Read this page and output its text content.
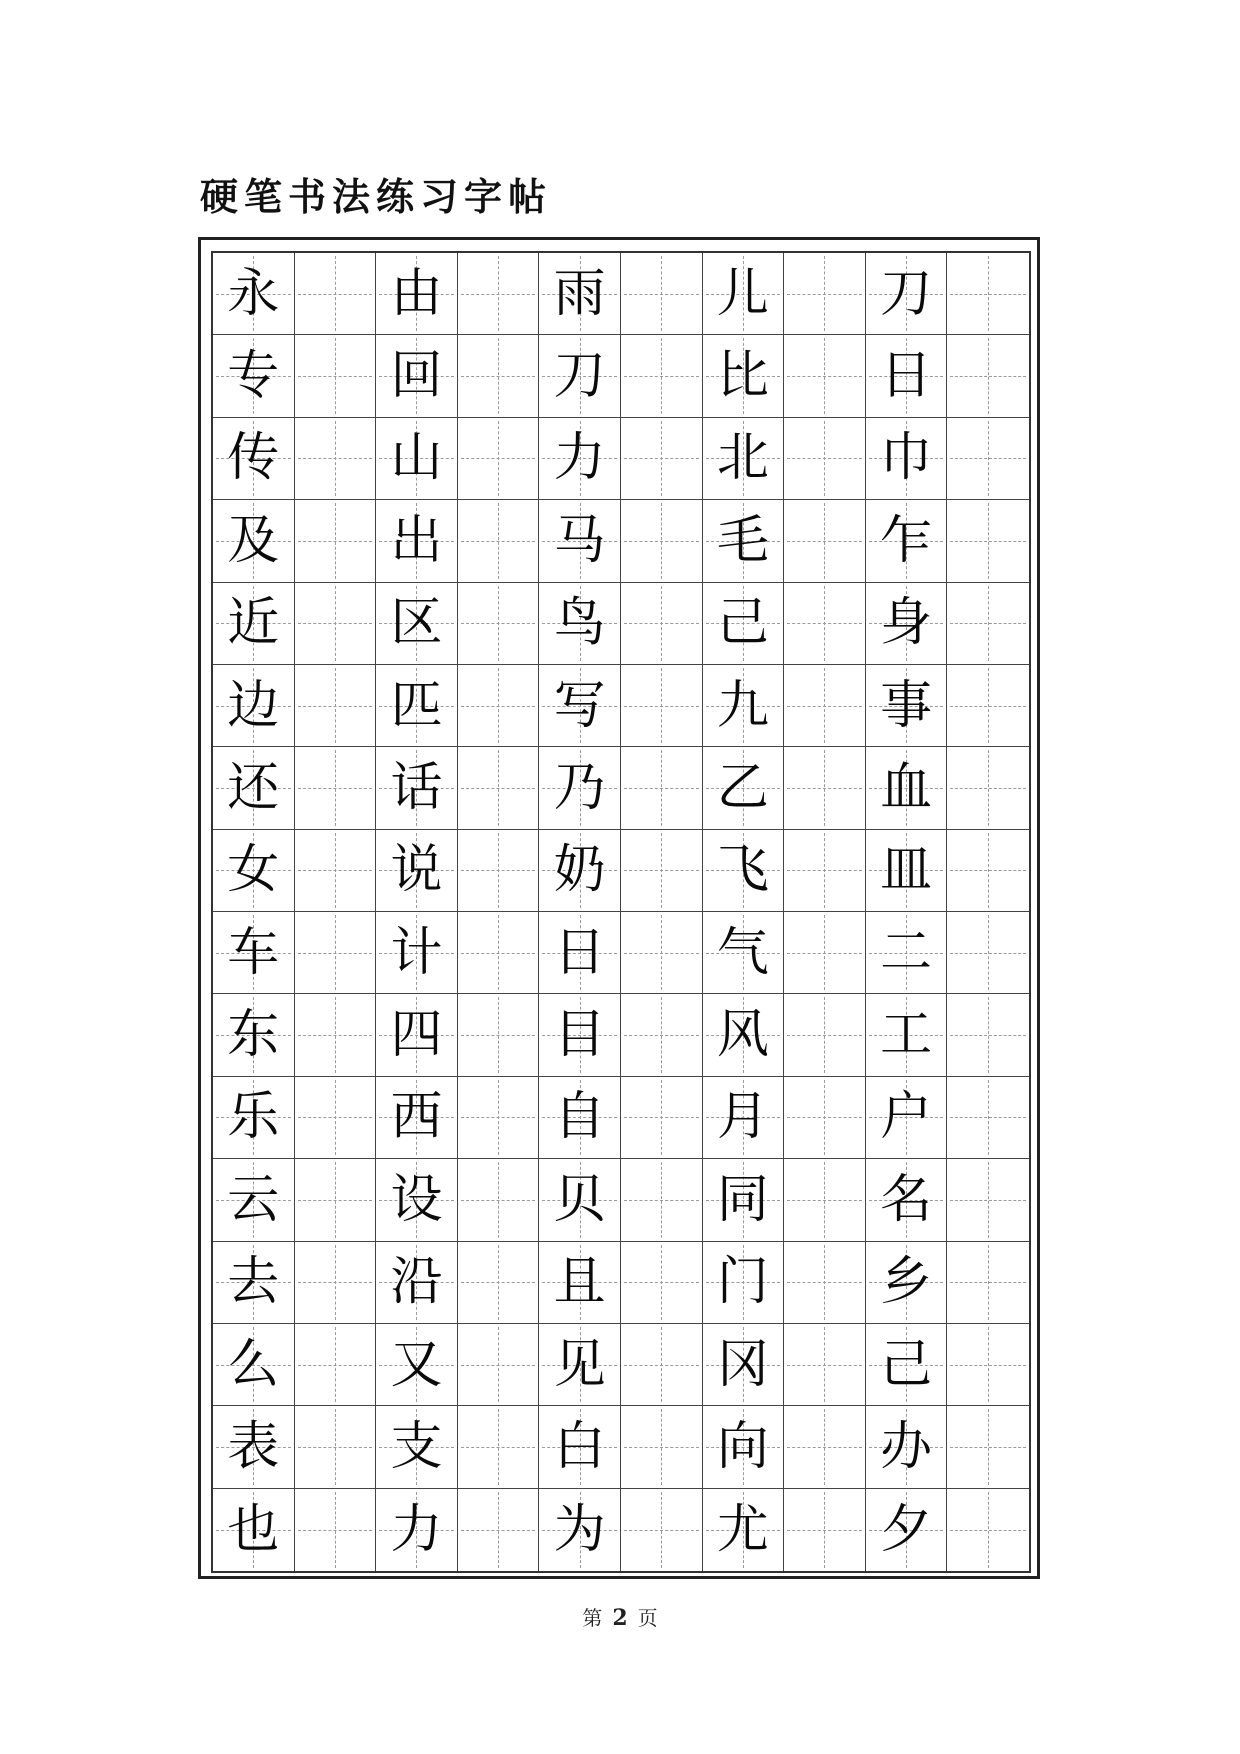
硬笔书法练习字帖
永 由 雨 儿 刀
专 回 刀 比 日
传 山 力 北 巾
及 出 马 毛 乍
近 区 鸟 己 身
边 匹 写 九 事
还 话 乃 乙 血
女 说 奶 飞 皿
车 计 日 气 二
东 四 目 风 工
乐 西 自 月 户
云 设 贝 同 名
去 沿 且 门 乡
么 又 见 冈 己
表 支 白 向 办
也 力 为 尤 夕
第 2 页
